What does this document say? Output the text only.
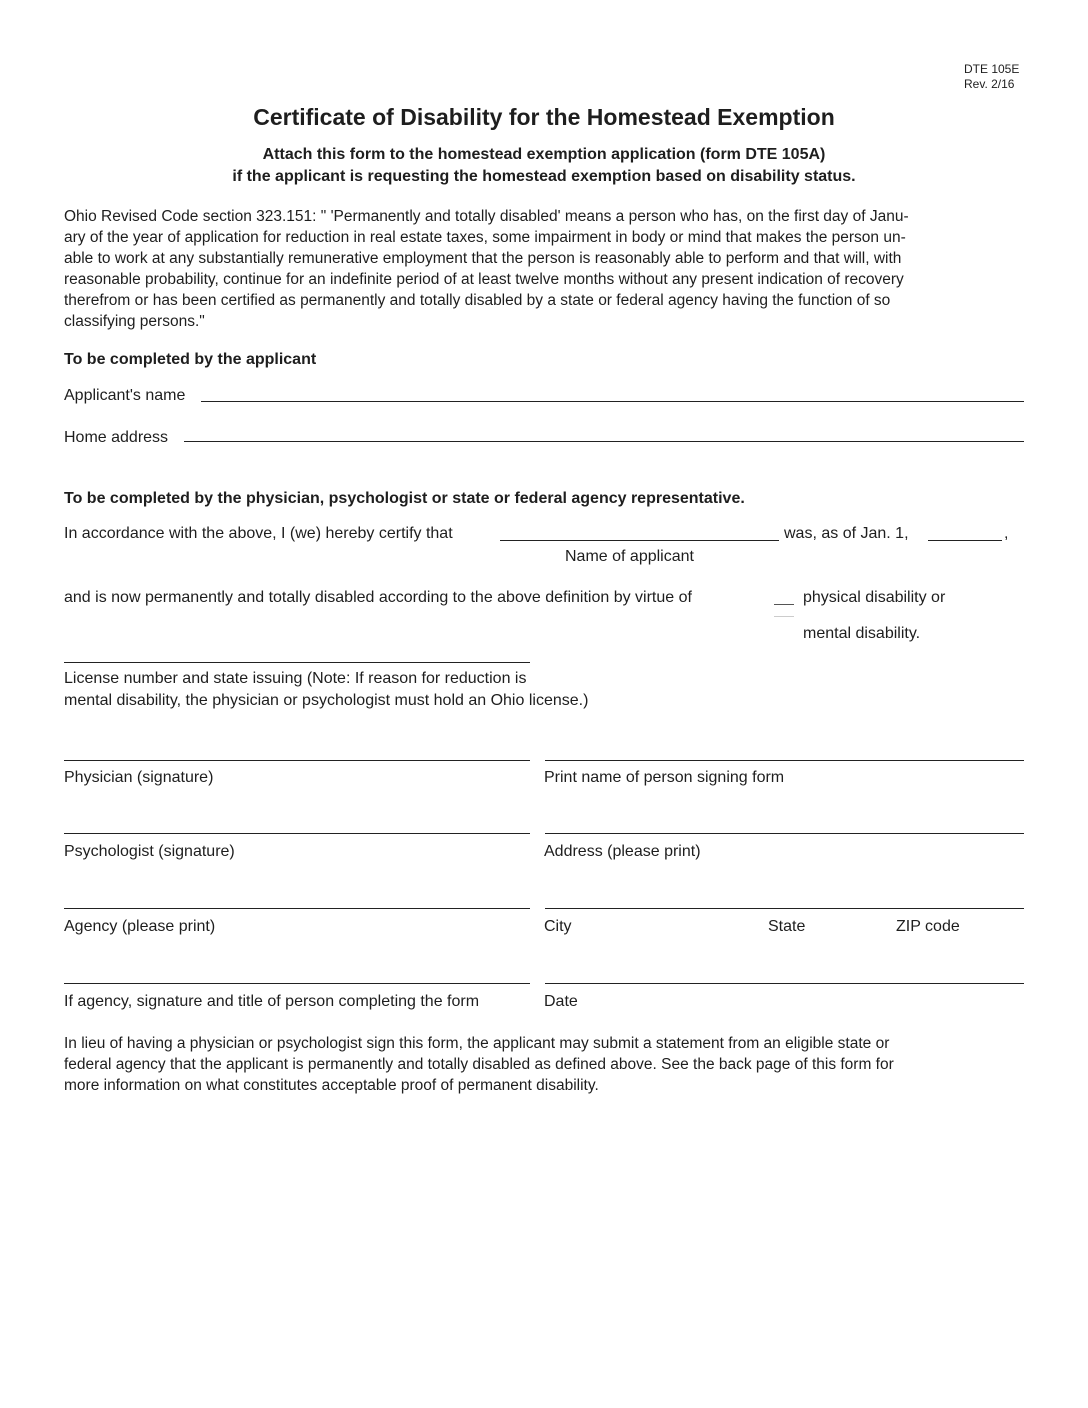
DTE 105E
Rev. 2/16
Certificate of Disability for the Homestead Exemption
Attach this form to the homestead exemption application (form DTE 105A)
if the applicant is requesting the homestead exemption based on disability status.
Ohio Revised Code section 323.151: " 'Permanently and totally disabled' means a person who has, on the first day of Janu-
ary of the year of application for reduction in real estate taxes, some impairment in body or mind that makes the person un-
able to work at any substantially remunerative employment that the person is reasonably able to perform and that will, with
reasonable probability, continue for an indefinite period of at least twelve months without any present indication of recovery
therefrom or has been certified as permanently and totally disabled by a state or federal agency having the function of so
classifying persons."
To be completed by the applicant
Applicant's name
Home address
To be completed by the physician, psychologist or state or federal agency representative.
In accordance with the above, I (we) hereby certify that	was, as of Jan. 1,	,
Name of applicant
and is now permanently and totally disabled according to the above definition by virtue of	physical disability or
mental disability.
License number and state issuing (Note: If reason for reduction is
mental disability, the physician or psychologist must hold an Ohio license.)
Physician (signature)	Print name of person signing form
Psychologist (signature)	Address (please print)
Agency (please print)	City	State	ZIP code
If agency, signature and title of person completing the form	Date
In lieu of having a physician or psychologist sign this form, the applicant may submit a statement from an eligible state or
federal agency that the applicant is permanently and totally disabled as defined above. See the back page of this form for
more information on what constitutes acceptable proof of permanent disability.
